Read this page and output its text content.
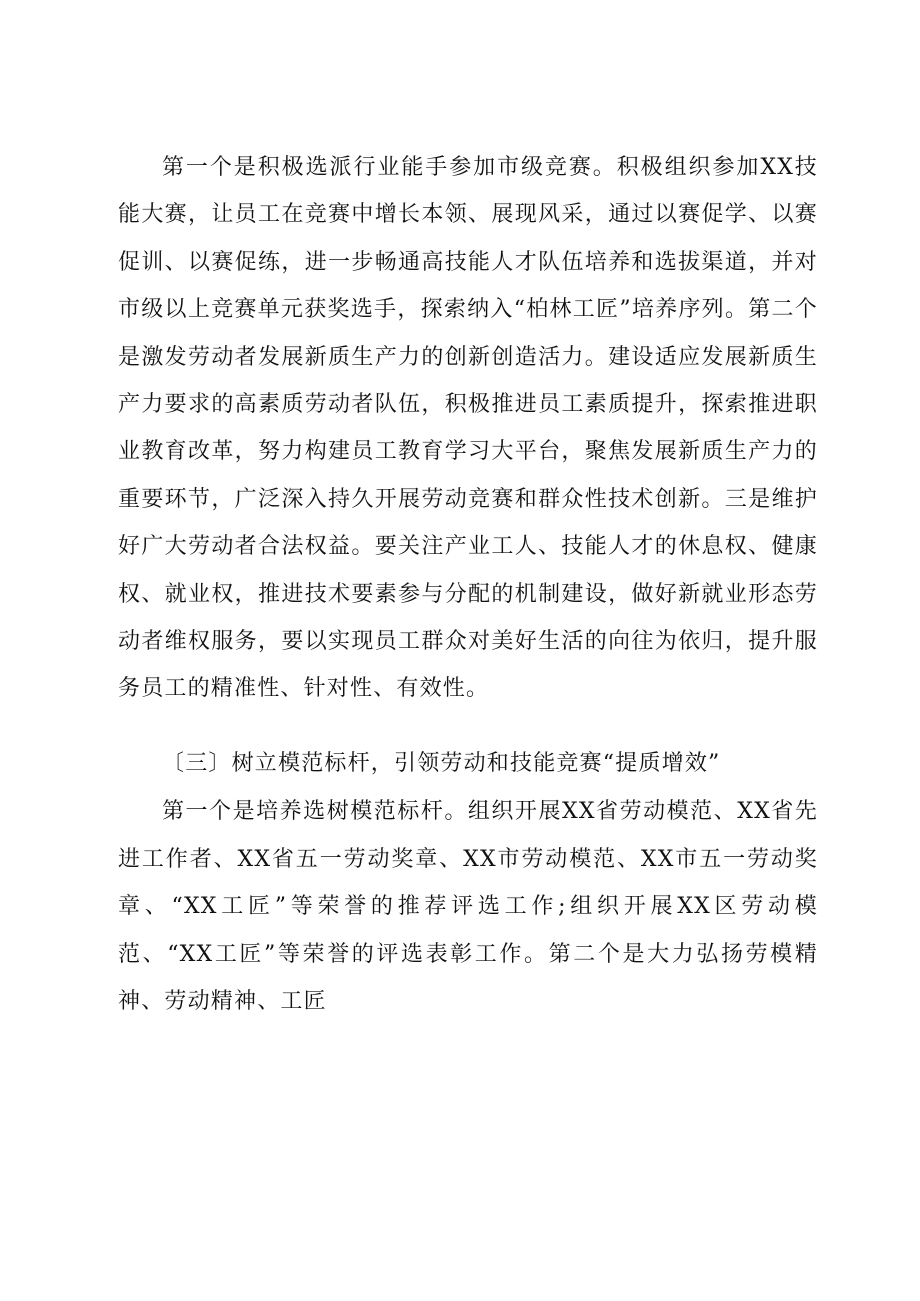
第一个是积极选派行业能手参加市级竞赛。积极组织参加XX技能大赛，让员工在竞赛中增长本领、展现风采，通过以赛促学、以赛促训、以赛促练，进一步畅通高技能人才队伍培养和选拔渠道，并对市级以上竞赛单元获奖选手，探索纳入“柏林工匠”培养序列。第二个是激发劳动者发展新质生产力的创新创造活力。建设适应发展新质生产力要求的高素质劳动者队伍，积极推进员工素质提升，探索推进职业教育改革，努力构建员工教育学习大平台，聚焦发展新质生产力的重要环节，广泛深入持久开展劳动竞赛和群众性技术创新。三是维护好广大劳动者合法权益。要关注产业工人、技能人才的休息权、健康权、就业权，推进技术要素参与分配的机制建设，做好新就业形态劳动者维权服务，要以实现员工群众对美好生活的向往为依归，提升服务员工的精准性、针对性、有效性。

〔三〕树立模范标杆，引领劳动和技能竞赛“提质增效”

第一个是培养选树模范标杆。组织开展XX省劳动模范、XX省先进工作者、XX省五一劳动奖章、XX市劳动模范、XX市五一劳动奖章、“XX工匠”等荣誉的推荐评选工作;组织开展XX区劳动模范、“XX工匠”等荣誉的评选表彰工作。第二个是大力弘扬劳模精神、劳动精神、工匠
